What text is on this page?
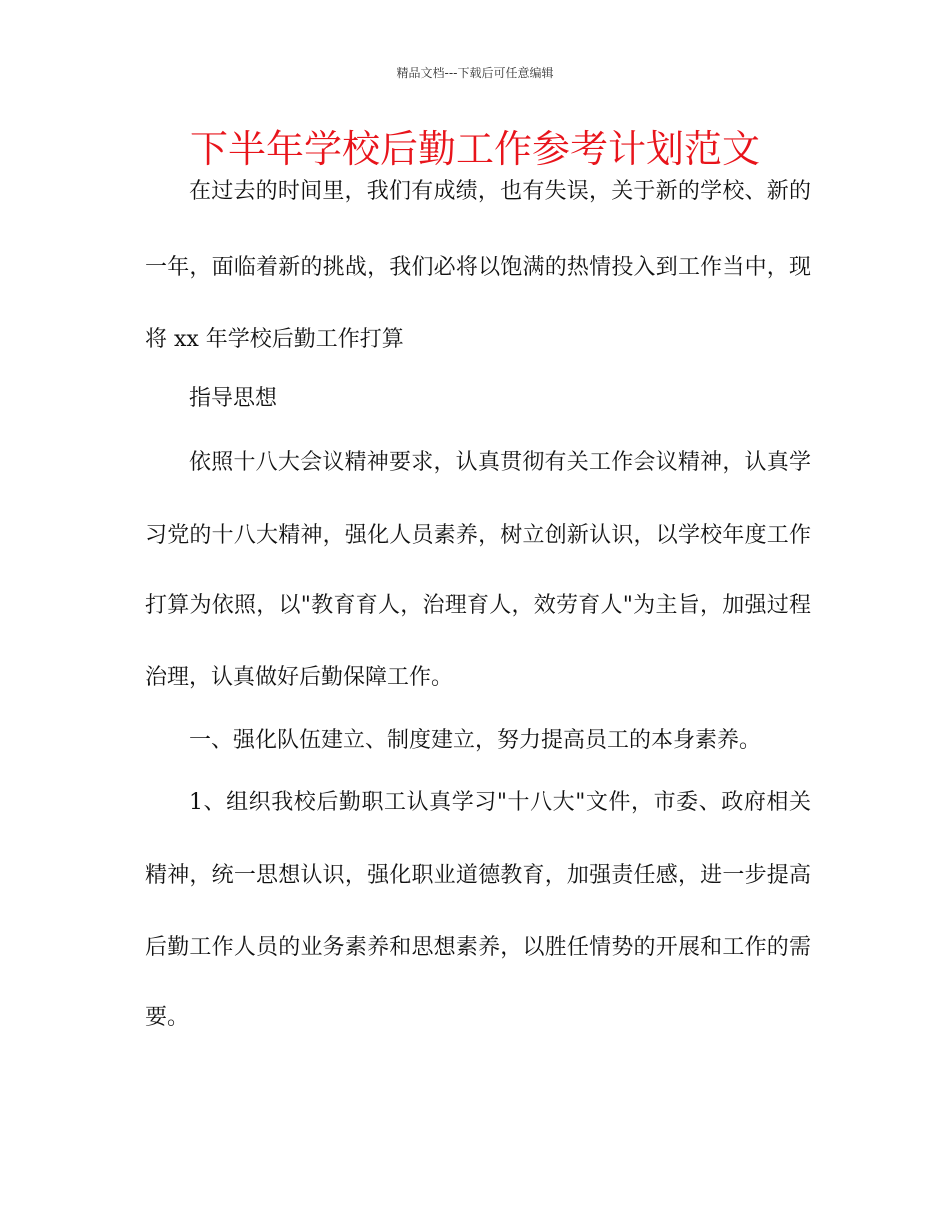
精品文档---下载后可任意编辑
下半年学校后勤工作参考计划范文
在过去的时间里，我们有成绩，也有失误，关于新的学校、新的
一年，面临着新的挑战，我们必将以饱满的热情投入到工作当中，现
将 xx 年学校后勤工作打算
指导思想
依照十八大会议精神要求，认真贯彻有关工作会议精神，认真学
习党的十八大精神，强化人员素养，树立创新认识，以学校年度工作
打算为依照，以"教育育人，治理育人，效劳育人"为主旨，加强过程
治理，认真做好后勤保障工作。
一、强化队伍建立、制度建立，努力提高员工的本身素养。
1、组织我校后勤职工认真学习"十八大"文件，市委、政府相关
精神，统一思想认识，强化职业道德教育，加强责任感，进一步提高
后勤工作人员的业务素养和思想素养，以胜任情势的开展和工作的需
要。
